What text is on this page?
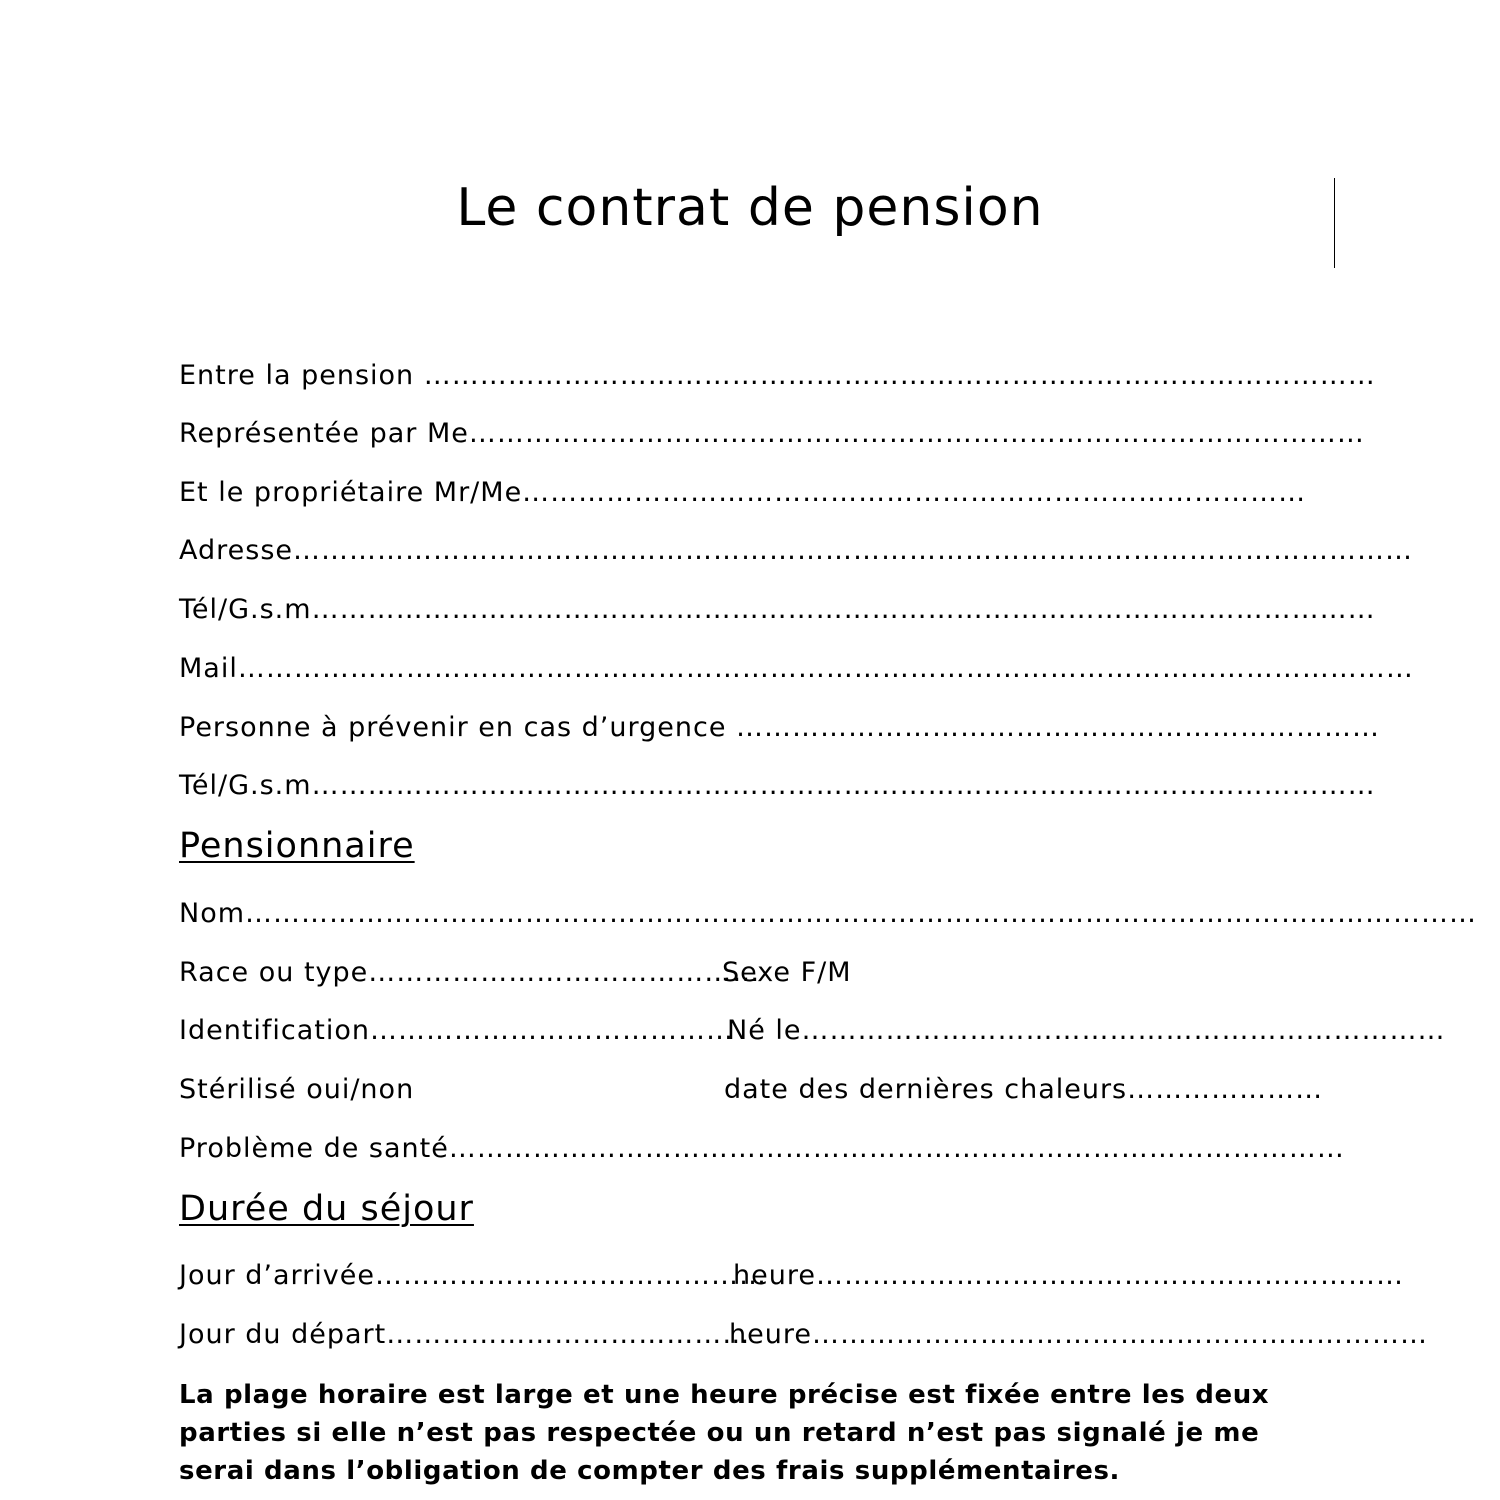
Le contrat de pension

Entre la pension …………………………………………………………………………………………

Représentée par Me……………………………………………………………………………………

Et le propriétaire Mr/Me…………………………………………………………………………

Adresse…………………………………………………………………………………………………………

Tél/G.s.m……………………………………………………………………………………………………

Mail………………………………………………………………………………………………………………

Personne à prévenir en cas d’urgence ……………………………………………………………

Tél/G.s.m……………………………………………………………………………………………………

Pensionnaire

Nom……………………………………………………………………………………………………………………

Race ou type……………………………………

Sexe F/M

Identification…………………………………

Né le……………………………………………………………

Stérilisé oui/non	date des dernières chaleurs…………………

Problème de santé……………………………………………………………………………………

Durée du séjour

Jour d’arrivée……………………………………

heure………………………………………………………

Jour du départ…………………………………

heure…………………………………………………………

La plage horaire est large et une heure précise est fixée entre les deux parties si elle n’est pas respectée ou un retard n’est pas signalé je me serai dans l’obligation de compter des frais supplémentaires.
